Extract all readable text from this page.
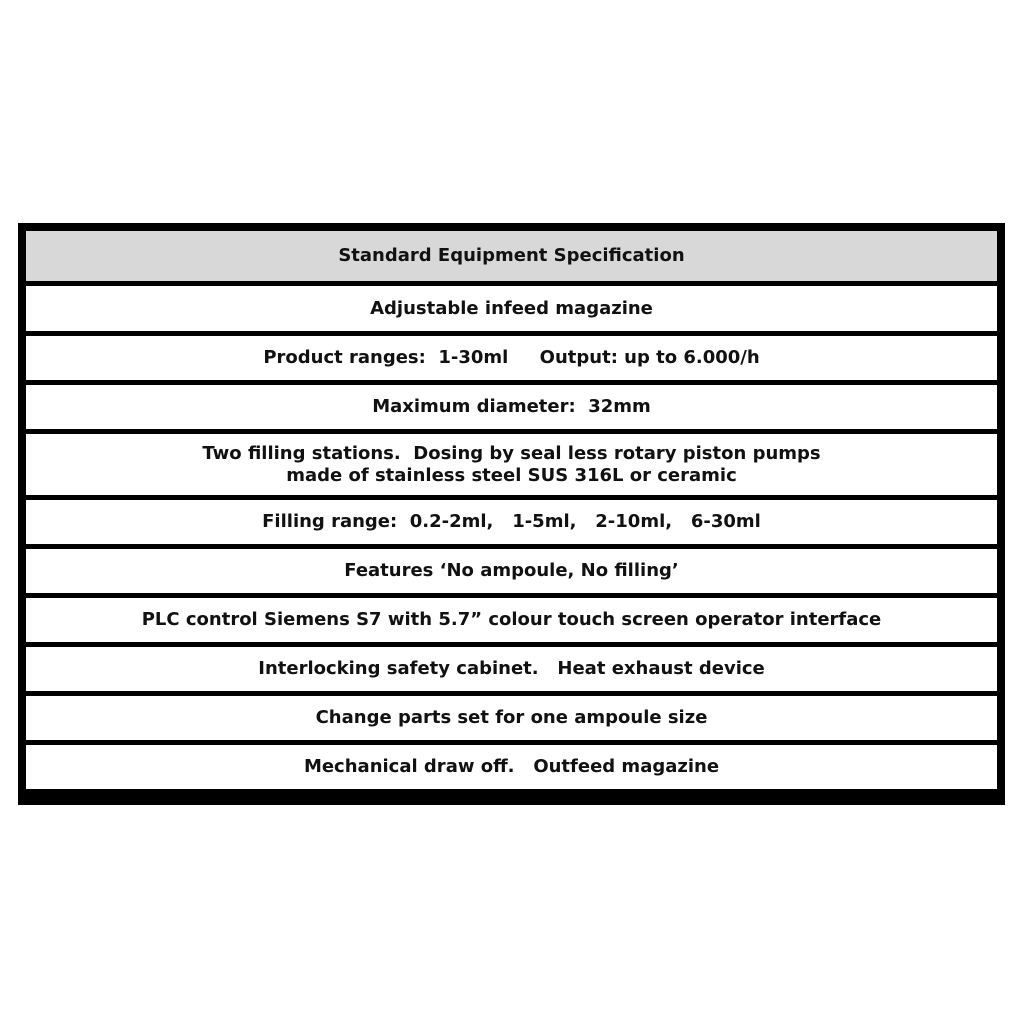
Standard Equipment Specification
Adjustable infeed magazine
Product ranges:  1-30ml     Output: up to 6.000/h
Maximum diameter:  32mm
Two filling stations.  Dosing by seal less rotary piston pumps
made of stainless steel SUS 316L or ceramic
Filling range:  0.2-2ml,   1-5ml,   2-10ml,   6-30ml
Features ‘No ampoule, No filling’
PLC control Siemens S7 with 5.7” colour touch screen operator interface
Interlocking safety cabinet.   Heat exhaust device
Change parts set for one ampoule size
Mechanical draw off.   Outfeed magazine
